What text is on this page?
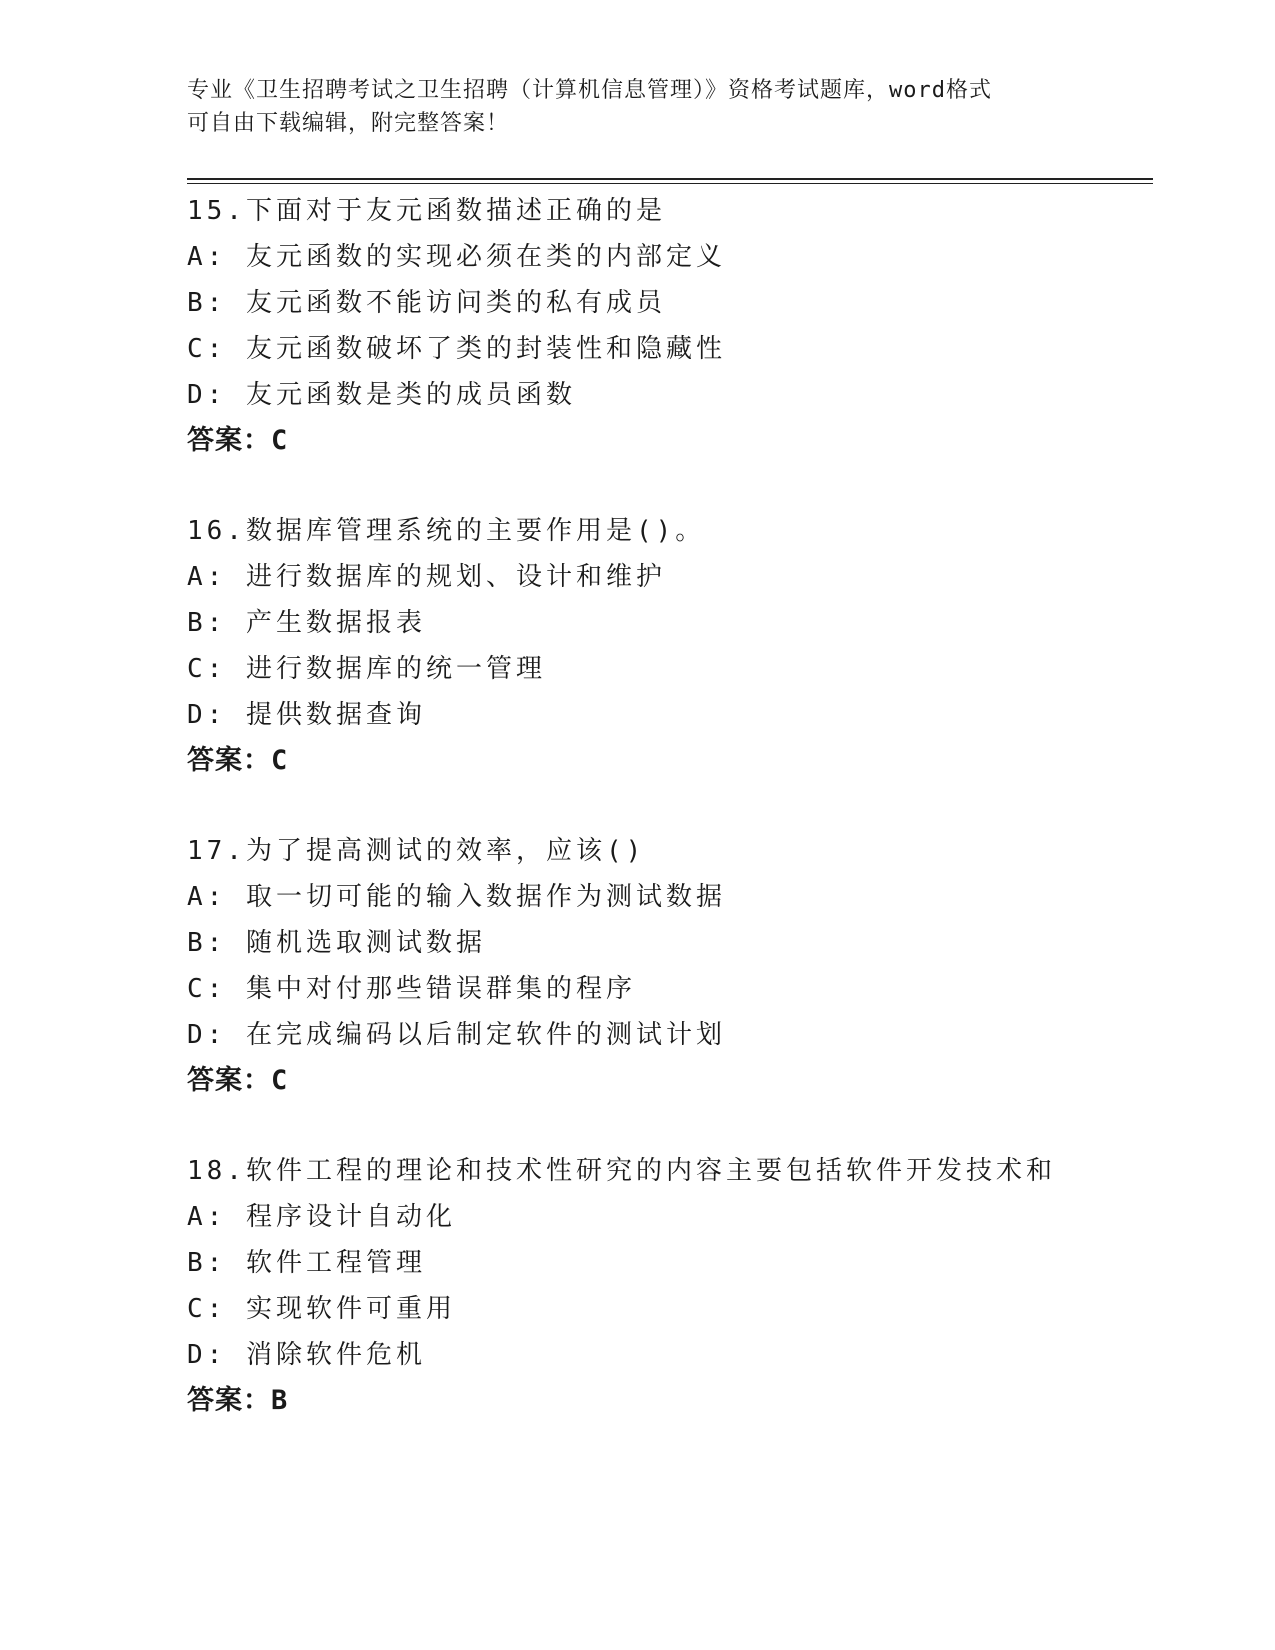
专业《卫生招聘考试之卫生招聘（计算机信息管理）》资格考试题库，word格式

可自由下载编辑，附完整答案！

15.下面对于友元函数描述正确的是
A: 友元函数的实现必须在类的内部定义
B: 友元函数不能访问类的私有成员
C: 友元函数破坏了类的封装性和隐藏性
D: 友元函数是类的成员函数
答案：C
16.数据库管理系统的主要作用是()。
A: 进行数据库的规划、设计和维护
B: 产生数据报表
C: 进行数据库的统一管理
D: 提供数据查询
答案：C
17.为了提高测试的效率，应该()
A: 取一切可能的输入数据作为测试数据
B: 随机选取测试数据
C: 集中对付那些错误群集的程序
D: 在完成编码以后制定软件的测试计划
答案：C
18.软件工程的理论和技术性研究的内容主要包括软件开发技术和
A: 程序设计自动化
B: 软件工程管理
C: 实现软件可重用
D: 消除软件危机
答案：B
